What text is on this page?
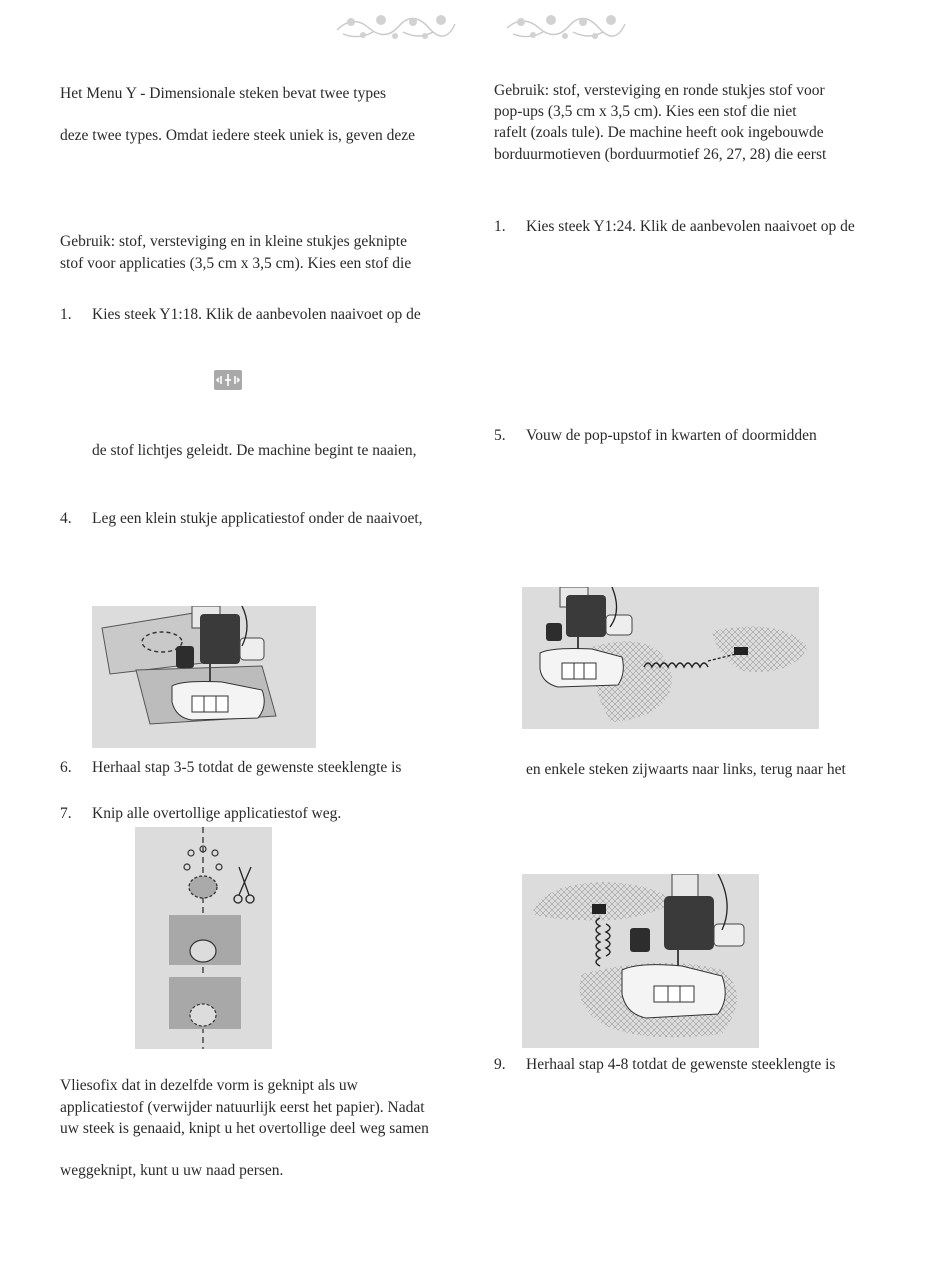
Het Menu Y - Dimensionale steken bevat twee types
deze twee types. Omdat iedere steek uniek is, geven deze
Gebruik: stof, versteviging en in kleine stukjes geknipte
stof voor applicaties (3,5 cm x 3,5 cm). Kies een stof die
1. Kies steek Y1:18. Klik de aanbevolen naaivoet op de
de stof lichtjes geleidt. De machine begint te naaien,
4. Leg een klein stukje applicatiestof onder de naaivoet,
6. Herhaal stap 3-5 totdat de gewenste steeklengte is
7. Knip alle overtollige applicatiestof weg.
Vliesofix dat in dezelfde vorm is geknipt als uw
applicatiestof (verwijder natuurlijk eerst het papier). Nadat
uw steek is genaaid, knipt u het overtollige deel weg samen
weggeknipt, kunt u uw naad persen.
Gebruik: stof, versteviging en ronde stukjes stof voor
pop-ups (3,5 cm x 3,5 cm). Kies een stof die niet
rafelt (zoals tule). De machine heeft ook ingebouwde
borduurmotieven (borduurmotief 26, 27, 28) die eerst
1. Kies steek Y1:24. Klik de aanbevolen naaivoet op de
5. Vouw de pop-upstof in kwarten of doormidden
en enkele steken zijwaarts naar links, terug naar het
9. Herhaal stap 4-8 totdat de gewenste steeklengte is
